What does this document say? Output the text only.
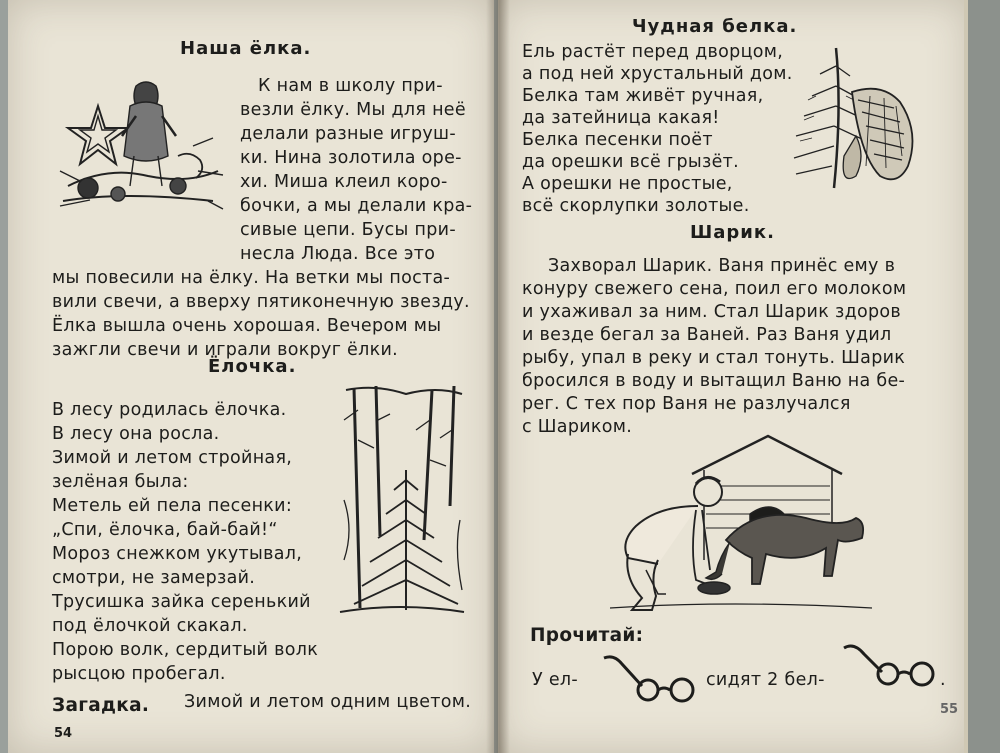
Наша ёлка.
К нам в школу при-
везли ёлку. Мы для неё
делали разные игруш-
ки. Нина золотила оре-
хи. Миша клеил коро-
бочки, а мы делали кра-
сивые цепи. Бусы при-
несла Люда. Все это
мы повесили на ёлку. На ветки мы поста-
вили свечи, а вверху пятиконечную звезду.
Ёлка вышла очень хорошая. Вечером мы
зажгли свечи и играли вокруг ёлки.
Ёлочка.
В лесу родилась ёлочка.
В лесу она росла.
Зимой и летом стройная,
зелёная была:
Метель ей пела песенки:
„Спи, ёлочка, бай-бай!“
Мороз снежком укутывал,
смотри, не замерзай.
Трусишка зайка серенький
под ёлочкой скакал.
Порою волк, сердитый волк
рысцою пробегал.
Загадка. Зимой и летом одним цветом.
54
Чудная белка.
Ель растёт перед дворцом,
а под ней хрустальный дом.
Белка там живёт ручная,
да затейница какая!
Белка песенки поёт
да орешки всё грызёт.
А орешки не простые,
всё скорлупки золотые.
Шарик.
Захворал Шарик. Ваня принёс ему в
конуру свежего сена, поил его молоком
и ухаживал за ним. Стал Шарик здоров
и везде бегал за Ваней. Раз Ваня удил
рыбу, упал в реку и стал тонуть. Шарик
бросился в воду и вытащил Ваню на бе-
рег. С тех пор Ваня не разлучался
с Шариком.
Прочитай:
У ел-	сидят 2 бел-	.
55
